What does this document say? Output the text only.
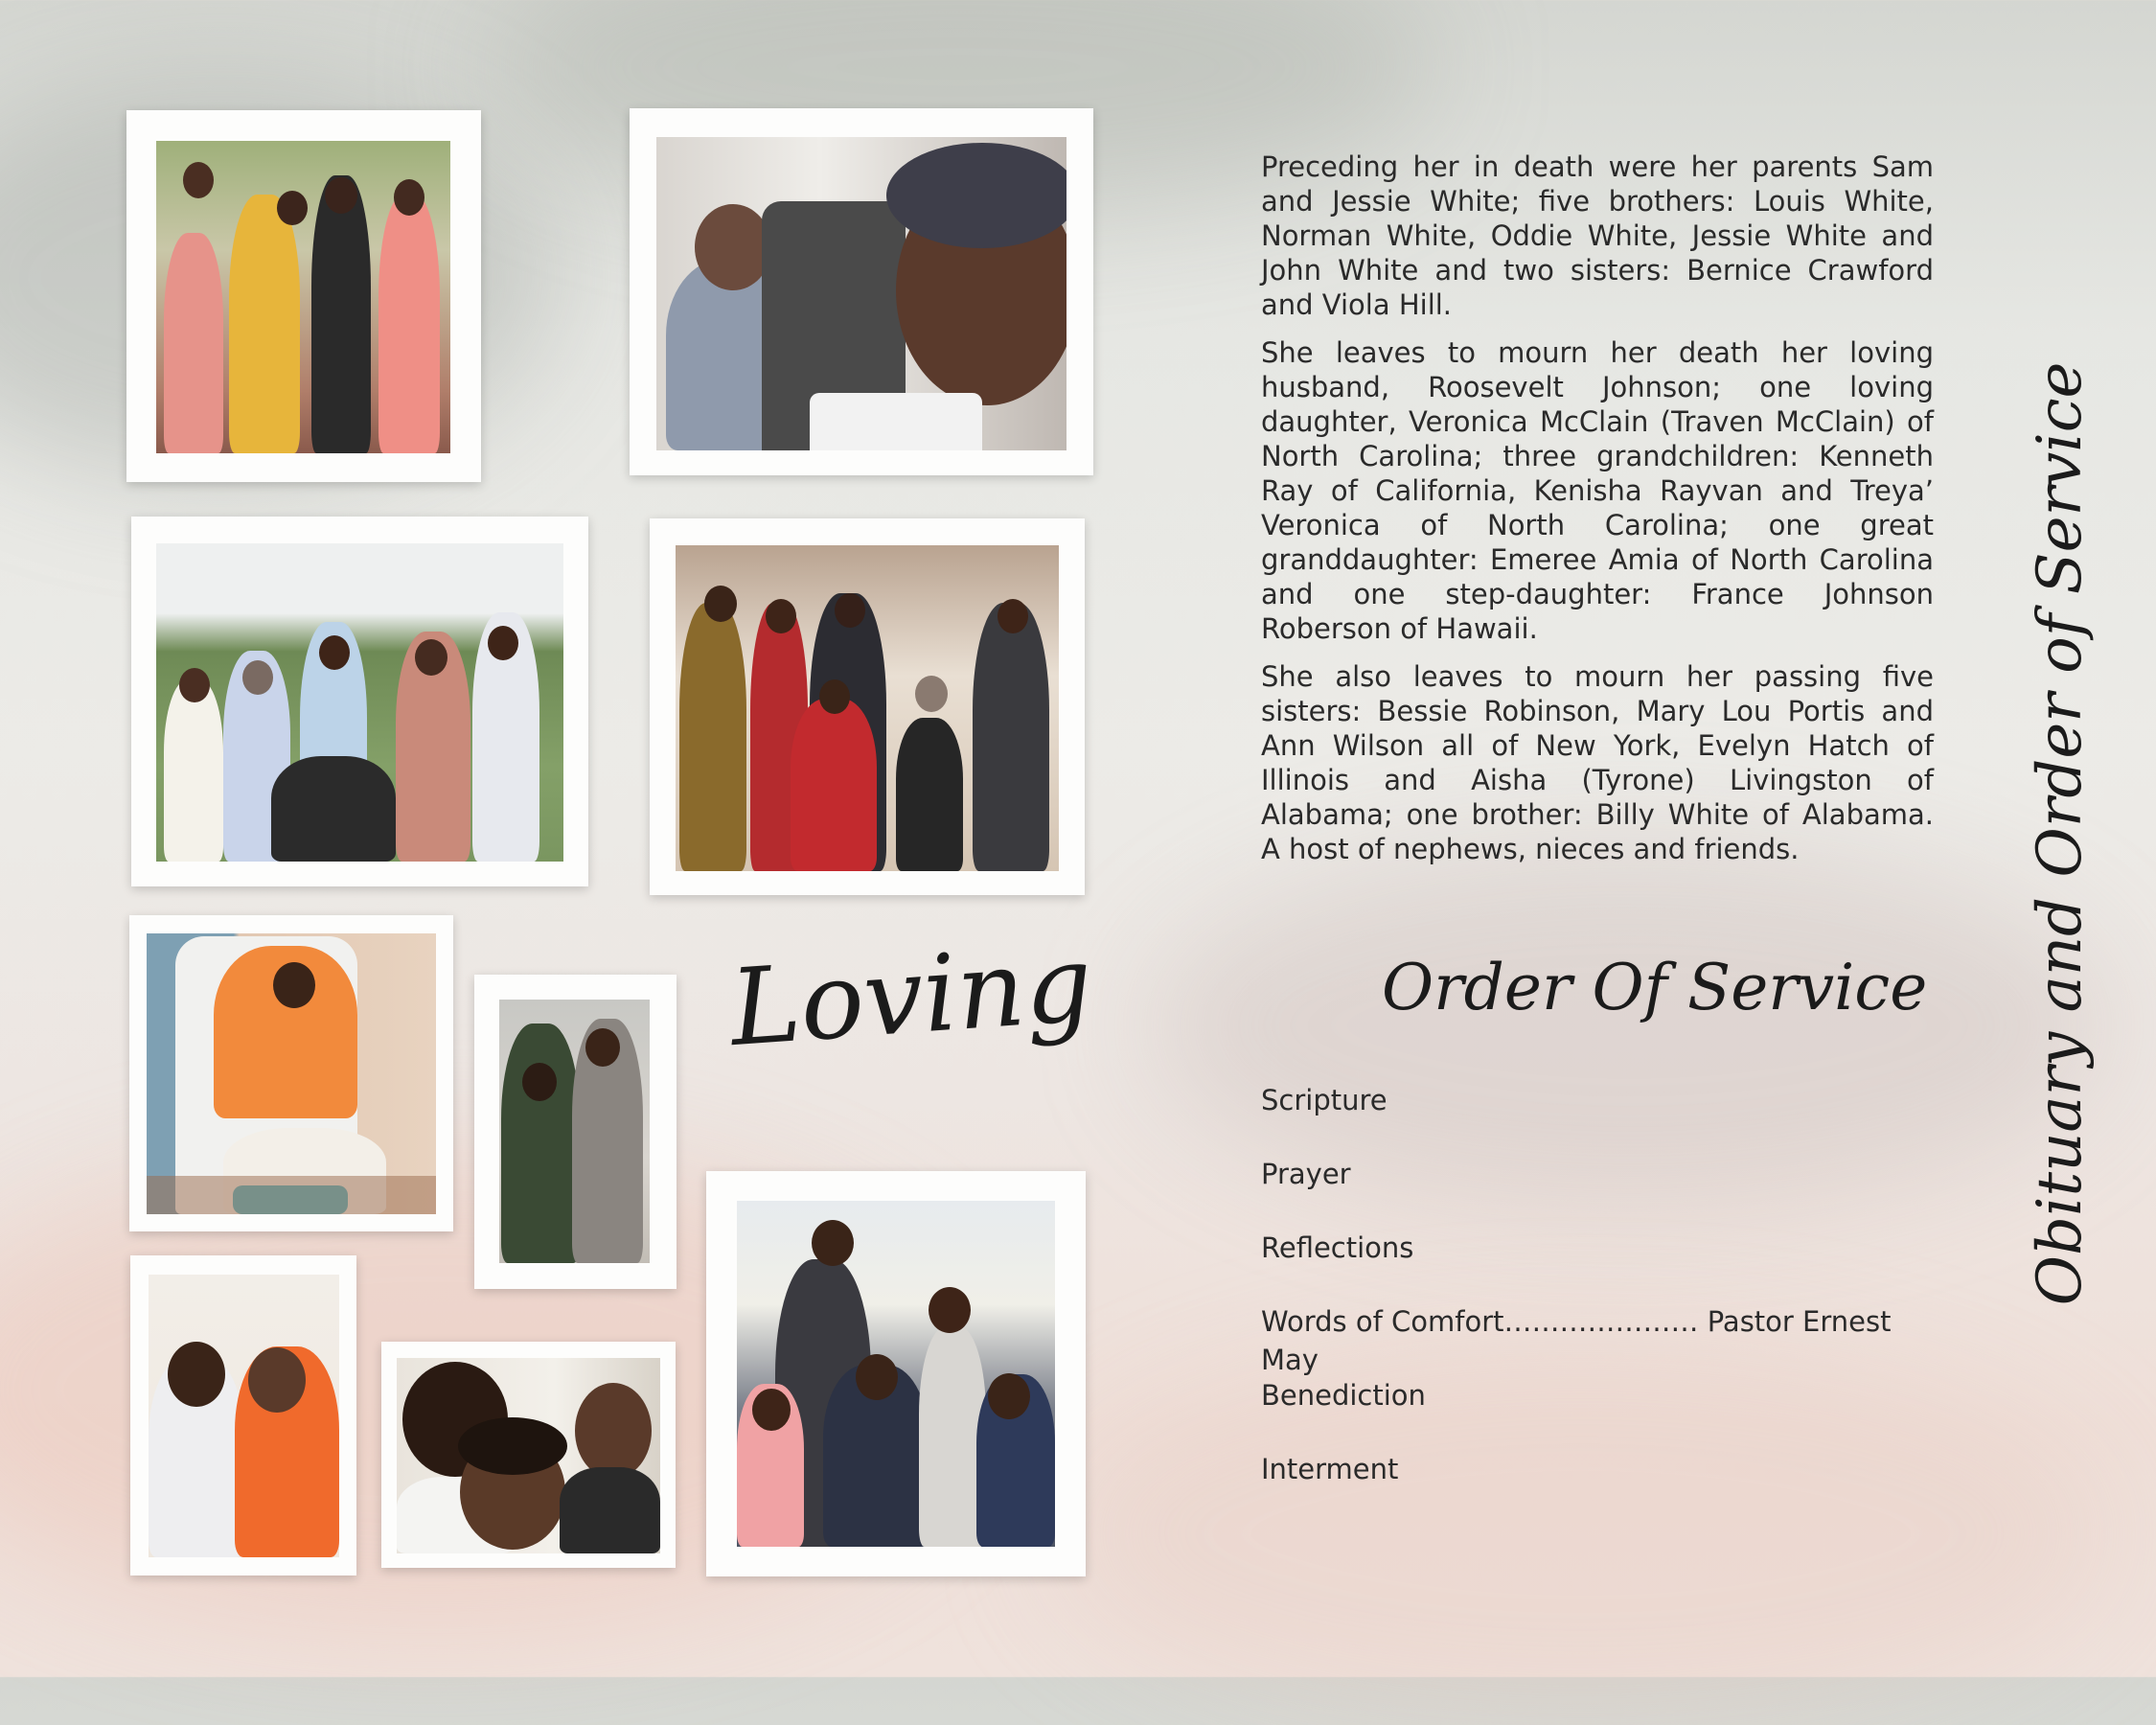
Loving

Preceding her in death were her parents Sam and Jessie White; five brothers: Louis White, Norman White, Oddie White, Jessie White and John White and two sisters: Bernice Crawford and Viola Hill.

She leaves to mourn her death her loving husband, Roosevelt Johnson; one loving daughter, Veronica McClain (Traven McClain) of North Carolina; three grandchildren: Kenneth Ray of California, Kenisha Rayvan and Treya’ Veronica of North Carolina; one great granddaughter: Emeree Amia of North Carolina and one step-daughter: France Johnson Roberson of Hawaii.

She also leaves to mourn her passing five sisters: Bessie Robinson, Mary Lou Portis and Ann Wilson all of New York, Evelyn Hatch of Illinois and Aisha (Tyrone) Livingston of Alabama; one brother: Billy White of Alabama. A host of nephews, nieces and friends.

Order Of Service
Scripture
Prayer
Reflections
Words of Comfort………………… Pastor Ernest May
Benediction
Interment
Obituary and Order of Service
